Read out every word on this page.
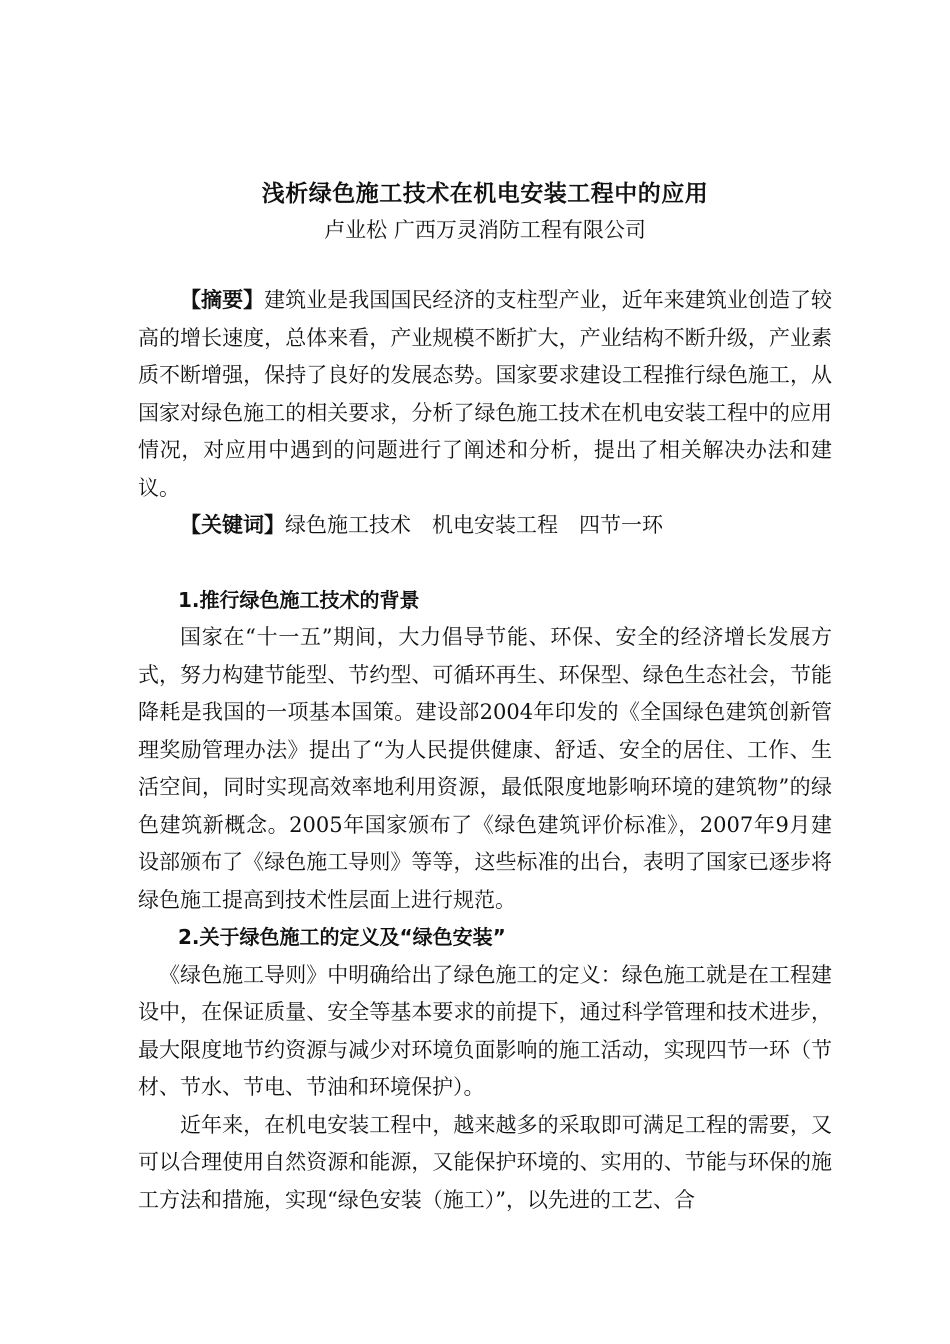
浅析绿色施工技术在机电安装工程中的应用

卢业松 广西万灵消防工程有限公司

【摘要】建筑业是我国国民经济的支柱型产业，近年来建筑业创造了较高的增长速度，总体来看，产业规模不断扩大，产业结构不断升级，产业素质不断增强，保持了良好的发展态势。国家要求建设工程推行绿色施工，从国家对绿色施工的相关要求，分析了绿色施工技术在机电安装工程中的应用情况，对应用中遇到的问题进行了阐述和分析，提出了相关解决办法和建议。

【关键词】绿色施工技术 机电安装工程 四节一环

1.推行绿色施工技术的背景

国家在“十一五”期间，大力倡导节能、环保、安全的经济增长发展方式，努力构建节能型、节约型、可循环再生、环保型、绿色生态社会，节能降耗是我国的一项基本国策。建设部2004年印发的《全国绿色建筑创新管理奖励管理办法》提出了“为人民提供健康、舒适、安全的居住、工作、生活空间，同时实现高效率地利用资源，最低限度地影响环境的建筑物”的绿色建筑新概念。2005年国家颁布了《绿色建筑评价标准》，2007年9月建设部颁布了《绿色施工导则》等等，这些标准的出台，表明了国家已逐步将绿色施工提高到技术性层面上进行规范。

2.关于绿色施工的定义及“绿色安装”

《绿色施工导则》中明确给出了绿色施工的定义：绿色施工就是在工程建设中，在保证质量、安全等基本要求的前提下，通过科学管理和技术进步，最大限度地节约资源与减少对环境负面影响的施工活动，实现四节一环（节材、节水、节电、节油和环境保护）。

近年来，在机电安装工程中，越来越多的采取即可满足工程的需要，又可以合理使用自然资源和能源，又能保护环境的、实用的、节能与环保的施工方法和措施，实现“绿色安装（施工）”，以先进的工艺、合
